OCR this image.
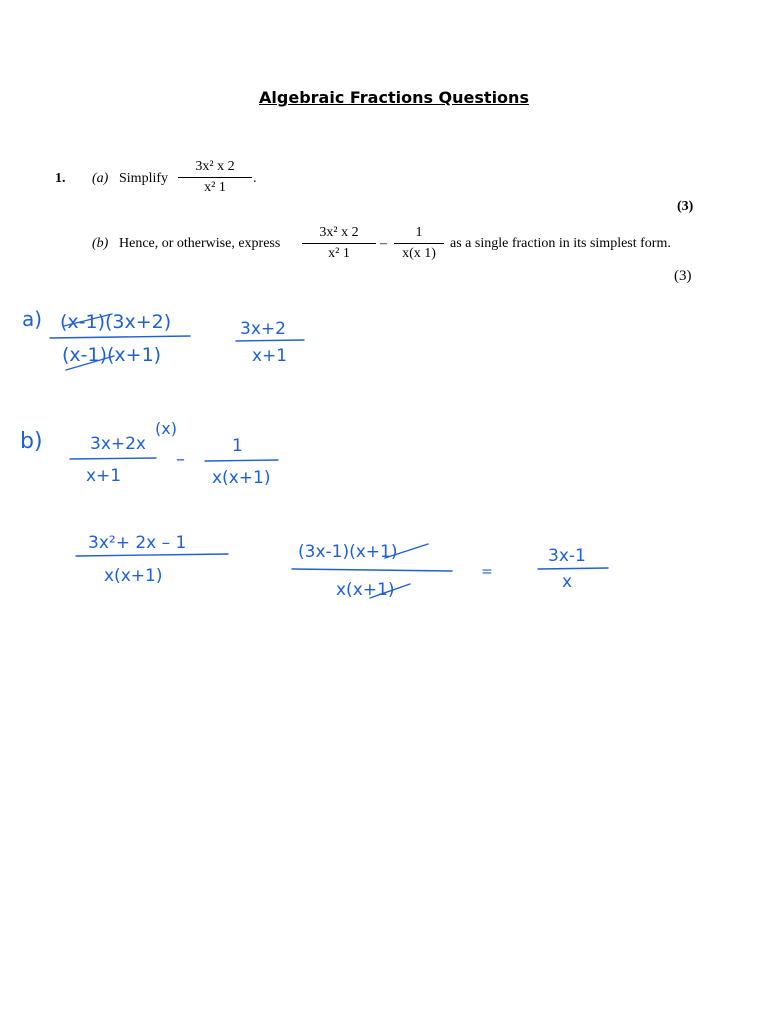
Algebraic Fractions Questions
1. (a) Simplify
3x² x 2
x² 1
.
(3)
(b) Hence, or otherwise, express
3x² x 2
x² 1
–
1
x(x 1)
as a single fraction in its simplest form.
(3)
a) (x-1)(3x+2)
(x-1)(x+1)
3x+2
x+1
b)	3x+2x
(x)
x+1
–
1
x(x+1)
3x²+ 2x – 1
x(x+1)
(3x-1)(x+1)
x(x+1)
=
3x-1
x
